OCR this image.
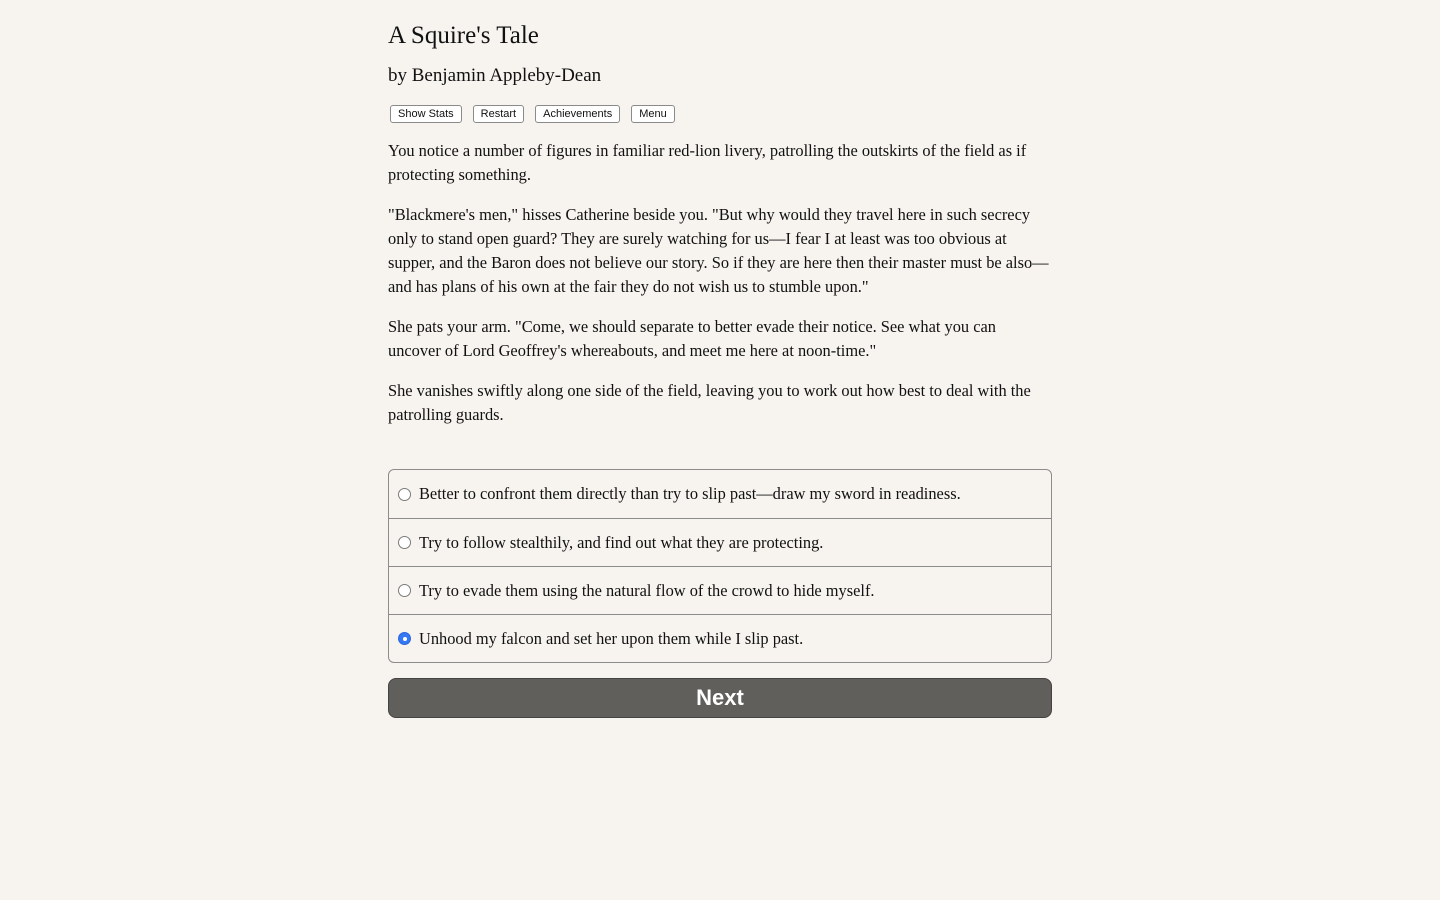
A Squire's Tale
by Benjamin Appleby-Dean
Show Stats	Restart	Achievements	Menu

You notice a number of figures in familiar red-lion livery, patrolling the outskirts of the field as if protecting something.

"Blackmere's men," hisses Catherine beside you. "But why would they travel here in such secrecy only to stand open guard? They are surely watching for us—I fear I at least was too obvious at supper, and the Baron does not believe our story. So if they are here then their master must be also—and has plans of his own at the fair they do not wish us to stumble upon."

She pats your arm. "Come, we should separate to better evade their notice. See what you can uncover of Lord Geoffrey's whereabouts, and meet me here at noon-time."

She vanishes swiftly along one side of the field, leaving you to work out how best to deal with the patrolling guards.

Better to confront them directly than try to slip past—draw my sword in readiness.
Try to follow stealthily, and find out what they are protecting.
Try to evade them using the natural flow of the crowd to hide myself.
Unhood my falcon and set her upon them while I slip past.
Next
